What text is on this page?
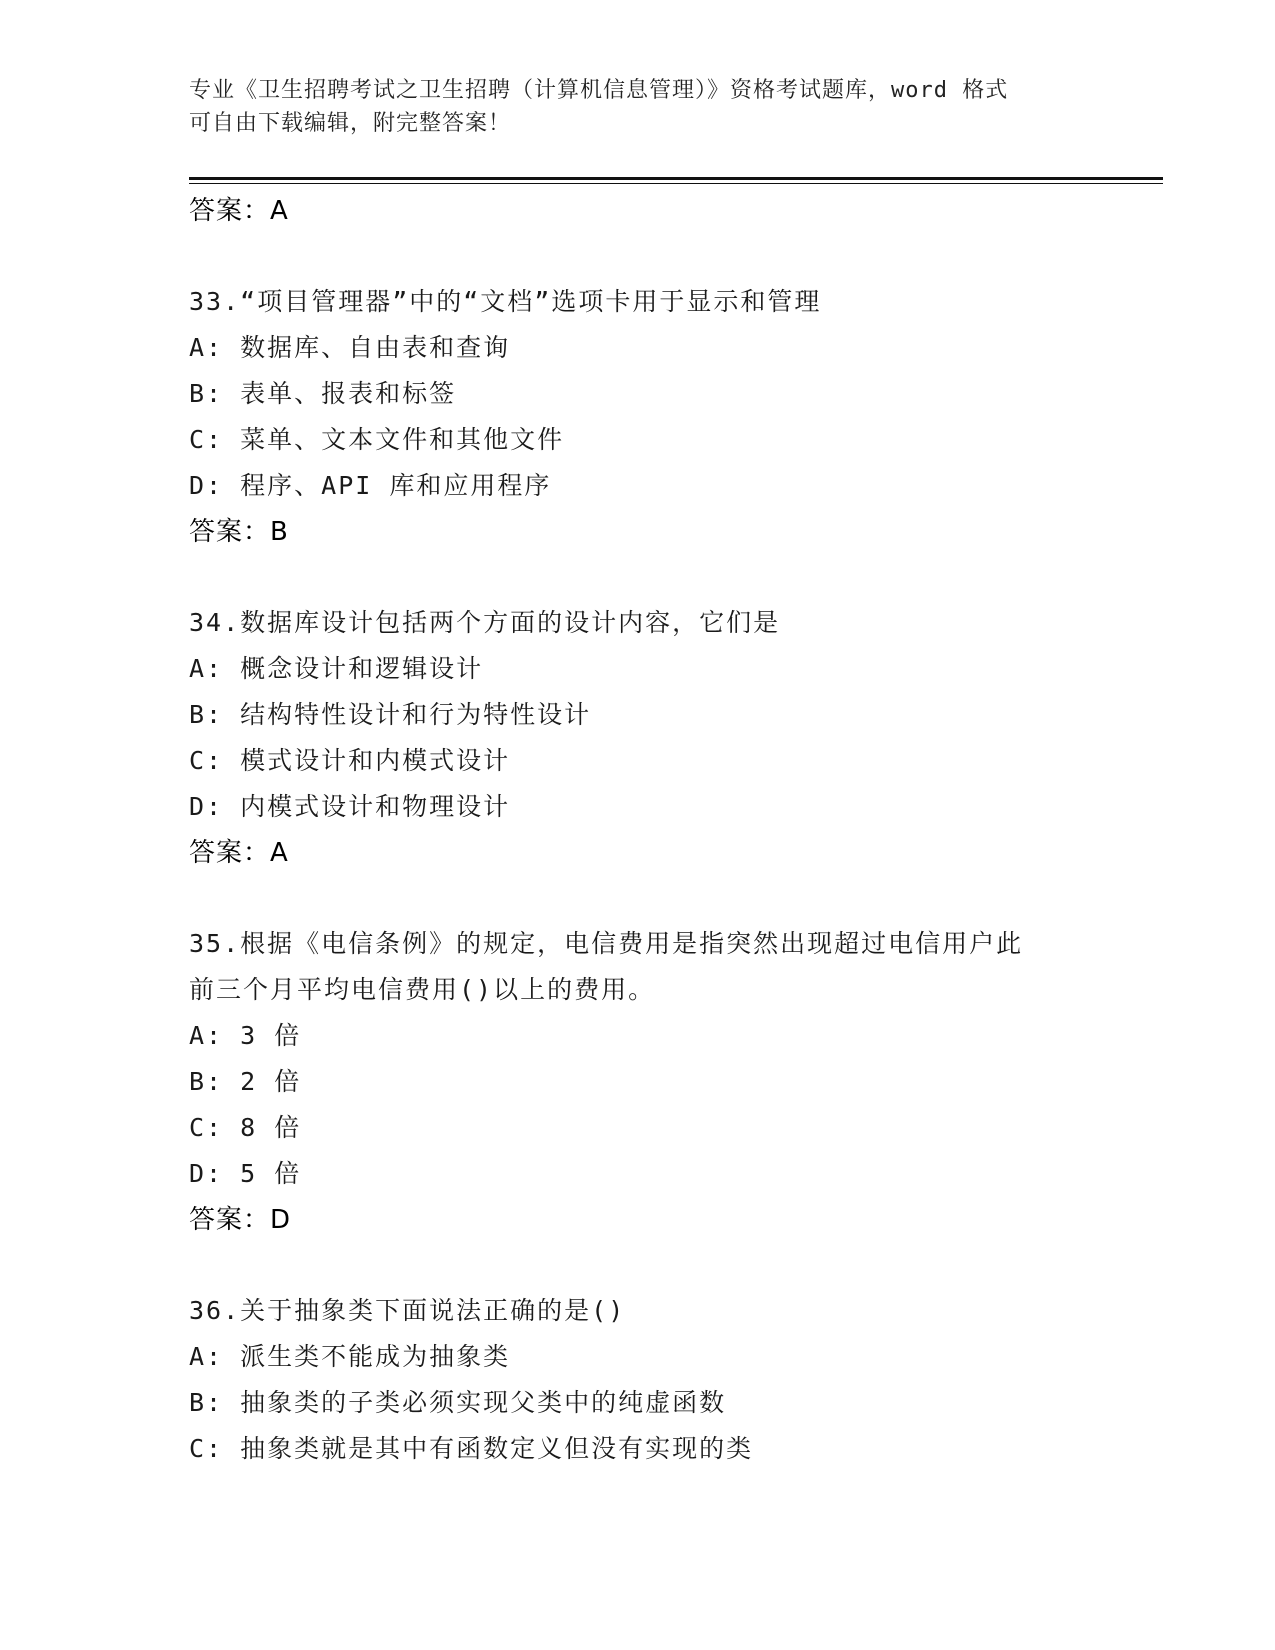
专业《卫生招聘考试之卫生招聘（计算机信息管理）》资格考试题库，word 格式
可自由下载编辑，附完整答案！
答案：A
33.“项目管理器”中的“文档”选项卡用于显示和管理
A: 数据库、自由表和查询
B: 表单、报表和标签
C: 菜单、文本文件和其他文件
D: 程序、API 库和应用程序
答案：B
34.数据库设计包括两个方面的设计内容，它们是
A: 概念设计和逻辑设计
B: 结构特性设计和行为特性设计
C: 模式设计和内模式设计
D: 内模式设计和物理设计
答案：A
35.根据《电信条例》的规定，电信费用是指突然出现超过电信用户此
前三个月平均电信费用()以上的费用。
A: 3 倍
B: 2 倍
C: 8 倍
D: 5 倍
答案：D
36.关于抽象类下面说法正确的是()
A: 派生类不能成为抽象类
B: 抽象类的子类必须实现父类中的纯虚函数
C: 抽象类就是其中有函数定义但没有实现的类
